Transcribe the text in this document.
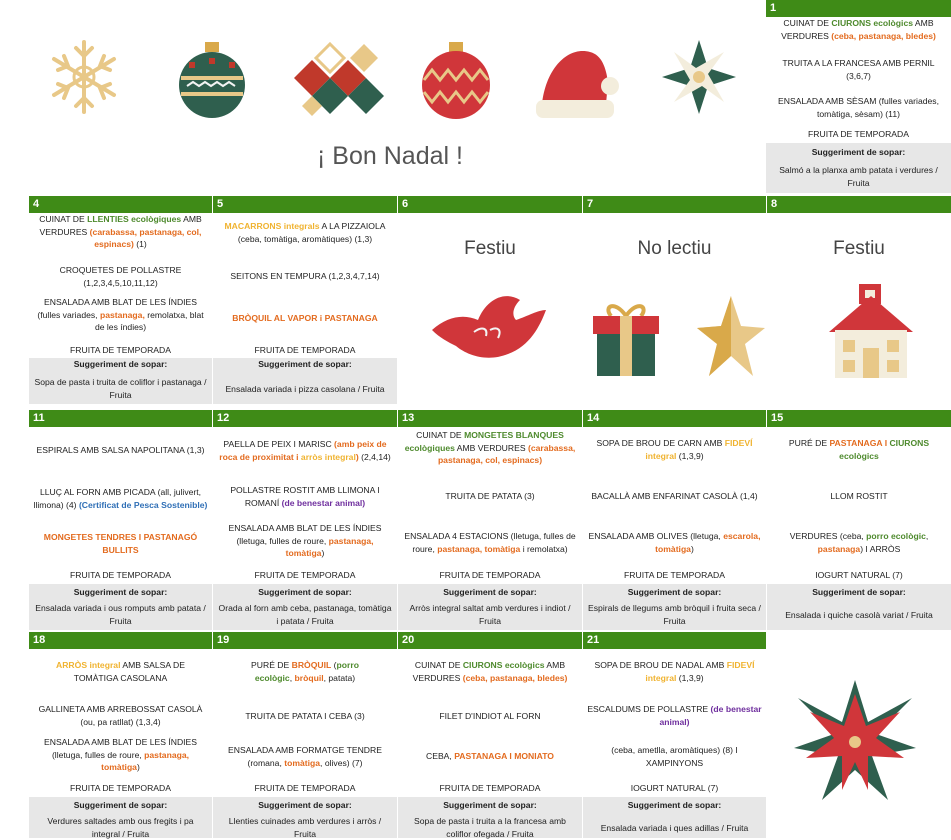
¡ Bon Nadal !
1
CUINAT DE CIURONS ecològics AMB VERDURES (ceba, pastanaga, bledes)
TRUITA A LA FRANCESA AMB PERNIL (3,6,7)
ENSALADA AMB SÈSAM (fulles variades, tomàtiga, sèsam) (11)
FRUITA DE TEMPORADA
Suggeriment de sopar:
Salmó a la planxa amb patata i verdures / Fruita
4
CUINAT DE LLENTIES ecològiques AMB VERDURES (carabassa, pastanaga, col, espinacs) (1)
CROQUETES DE POLLASTRE (1,2,3,4,5,10,11,12)
ENSALADA AMB BLAT DE LES ÍNDIES (fulles variades, pastanaga, remolatxa, blat de les índies)
FRUITA DE TEMPORADA
Suggeriment de sopar:
Sopa de pasta i truita de coliflor i pastanaga / Fruita
5
MACARRONS integrals A LA PIZZAIOLA (ceba, tomàtiga, aromàtiques) (1,3)
SEITONS EN TEMPURA (1,2,3,4,7,14)
BRÒQUIL AL VAPOR i PASTANAGA
FRUITA DE TEMPORADA
Suggeriment de sopar:
Ensalada variada i pizza casolana / Fruita
6
Festiu
7
No lectiu
8
Festiu
11
ESPIRALS AMB SALSA NAPOLITANA (1,3)
LLUÇ AL FORN AMB PICADA (all, julivert, llimona) (4) (Certificat de Pesca Sostenible)
MONGETES TENDRES I PASTANAGÓ BULLITS
FRUITA DE TEMPORADA
Suggeriment de sopar:
Ensalada variada i ous romputs amb patata / Fruita
12
PAELLA DE PEIX I MARISC (amb peix de roca de proximitat i arròs integral) (2,4,14)
POLLASTRE ROSTIT AMB LLIMONA I ROMANÍ (de benestar animal)
ENSALADA AMB BLAT DE LES ÍNDIES (lletuga, fulles de roure, pastanaga, tomàtiga)
FRUITA DE TEMPORADA
Suggeriment de sopar:
Orada al forn amb ceba, pastanaga, tomàtiga i patata / Fruita
13
CUINAT DE MONGETES BLANQUES ecològiques AMB VERDURES (carabassa, pastanaga, col, espinacs)
TRUITA DE PATATA (3)
ENSALADA 4 ESTACIONS (lletuga, fulles de roure, pastanaga, tomàtiga i remolatxa)
FRUITA DE TEMPORADA
Suggeriment de sopar:
Arròs integral saltat amb verdures i indiot / Fruita
14
SOPA DE BROU DE CARN AMB FIDEVÍ integral (1,3,9)
BACALLÀ AMB ENFARINAT CASOLÀ (1,4)
ENSALADA AMB OLIVES (lletuga, escarola, tomàtiga)
FRUITA DE TEMPORADA
Suggeriment de sopar:
Espirals de llegums amb bròquil i fruita seca / Fruita
15
PURÉ DE PASTANAGA I CIURONS ecològics
LLOM ROSTIT
VERDURES (ceba, porro ecològic, pastanaga) I ARRÒS
IOGURT NATURAL (7)
Suggeriment de sopar:
Ensalada i quiche casolà variat / Fruita
18
ARRÒS integral AMB SALSA DE TOMÀTIGA CASOLANA
GALLINETA AMB ARREBOSSAT CASOLÀ (ou, pa ratllat) (1,3,4)
ENSALADA AMB BLAT DE LES ÍNDIES (lletuga, fulles de roure, pastanaga, tomàtiga)
FRUITA DE TEMPORADA
Suggeriment de sopar:
Verdures saltades amb ous fregits i pa integral / Fruita
19
PURÉ DE BRÒQUIL (porro ecològic, bròquil, patata)
TRUITA DE PATATA I CEBA (3)
ENSALADA AMB FORMATGE TENDRE (romana, tomàtiga, olives) (7)
FRUITA DE TEMPORADA
Suggeriment de sopar:
Llenties cuinades amb verdures i arròs / Fruita
20
CUINAT DE CIURONS ecològics AMB VERDURES (ceba, pastanaga, bledes)
FILET D'INDIOT AL FORN
CEBA, PASTANAGA I MONIATO
FRUITA DE TEMPORADA
Suggeriment de sopar:
Sopa de pasta i truita a la francesa amb coliflor ofegada / Fruita
21
SOPA DE BROU DE NADAL AMB FIDEVÍ integral (1,3,9)
ESCALDUMS DE POLLASTRE (de benestar animal)
(ceba, ametlla, aromàtiques) (8) I XAMPINYONS
IOGURT NATURAL (7)
Suggeriment de sopar:
Ensalada variada i ques adillas / Fruita
